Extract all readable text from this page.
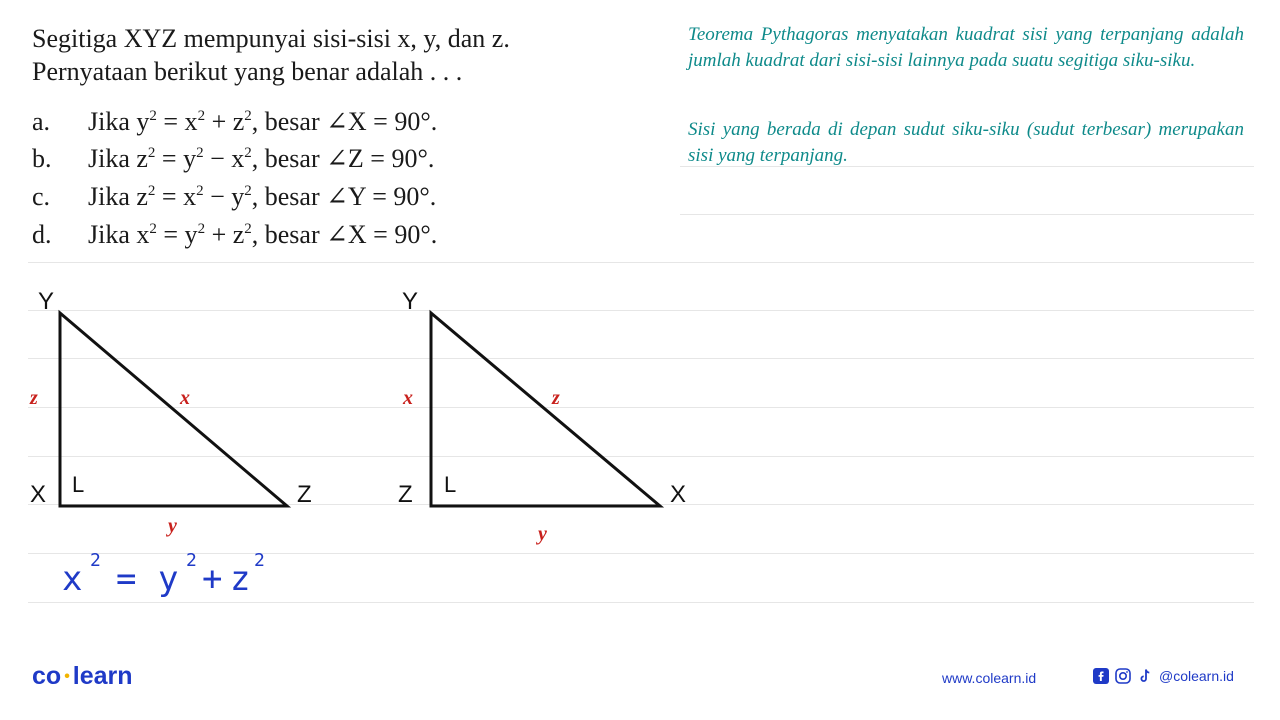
Segitiga XYZ mempunyai sisi-sisi x, y, dan z.
Pernyataan berikut yang benar adalah . . .
a. Jika $y^2 = x^2 + z^2$, besar ∠X = 90°.
b. Jika $z^2 = y^2 - x^2$, besar ∠Z = 90°.
c. Jika $z^2 = x^2 - y^2$, besar ∠Y = 90°.
d. Jika $x^2 = y^2 + z^2$, besar ∠X = 90°.
Teorema Pythagoras menyatakan kuadrat sisi yang terpanjang adalah jumlah kuadrat dari sisi-sisi lainnya pada suatu segitiga siku-siku.
Sisi yang berada di depan sudut siku-siku (sudut terbesar) merupakan sisi yang terpanjang.
Y
X	Z
L
z	x
y
Y
Z	X
L
x	z
y
x 2 = y 2 + z 2
co • learn	www.colearn.id	@colearn.id
